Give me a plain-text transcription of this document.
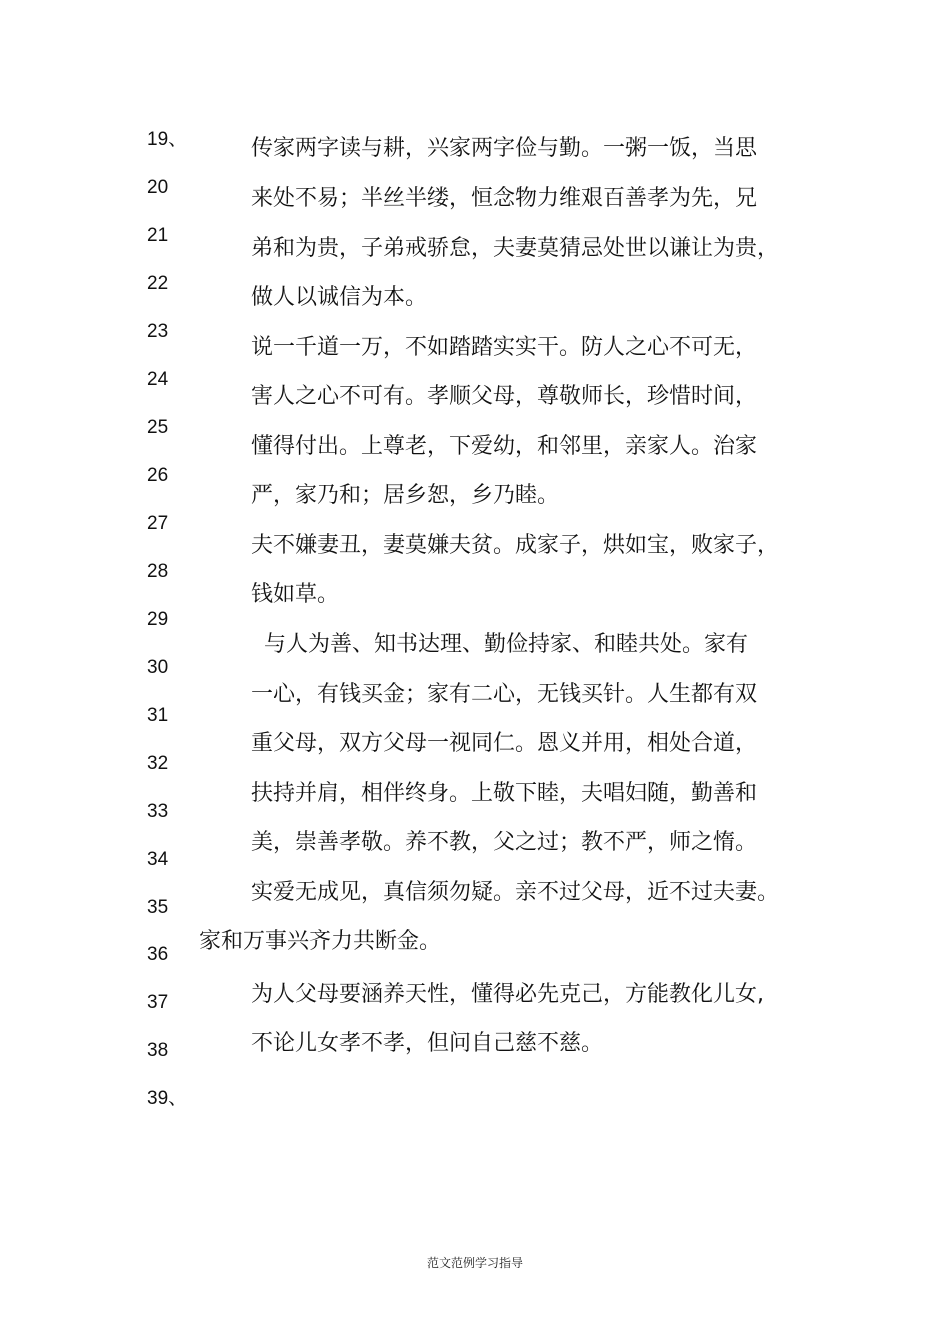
19、
20
21
22
23
24
25
26
27
28
29
30
31
32
33
34
35
36
37
38
39、
传家两字读与耕，兴家两字俭与勤。一粥一饭，当思
来处不易；半丝半缕，恒念物力维艰百善孝为先，兄
弟和为贵，子弟戒骄怠，夫妻莫猜忌处世以谦让为贵，
做人以诚信为本。
说一千道一万，不如踏踏实实干。防人之心不可无，
害人之心不可有。孝顺父母，尊敬师长，珍惜时间，
懂得付出。上尊老，下爱幼，和邻里，亲家人。治家
严，家乃和；居乡恕，乡乃睦。
夫不嫌妻丑，妻莫嫌夫贫。成家子，烘如宝，败家子，
钱如草。
与人为善、知书达理、勤俭持家、和睦共处。家有
一心，有钱买金；家有二心，无钱买针。人生都有双
重父母，双方父母一视同仁。恩义并用，相处合道，
扶持并肩，相伴终身。上敬下睦，夫唱妇随，勤善和
美，崇善孝敬。养不教，父之过；教不严，师之惰。
实爱无成见，真信须勿疑。亲不过父母，近不过夫妻。
家和万事兴齐力共断金。
为人父母要涵养天性，懂得必先克己，方能教化儿女,
不论儿女孝不孝，但问自己慈不慈。
范文范例学习指导
